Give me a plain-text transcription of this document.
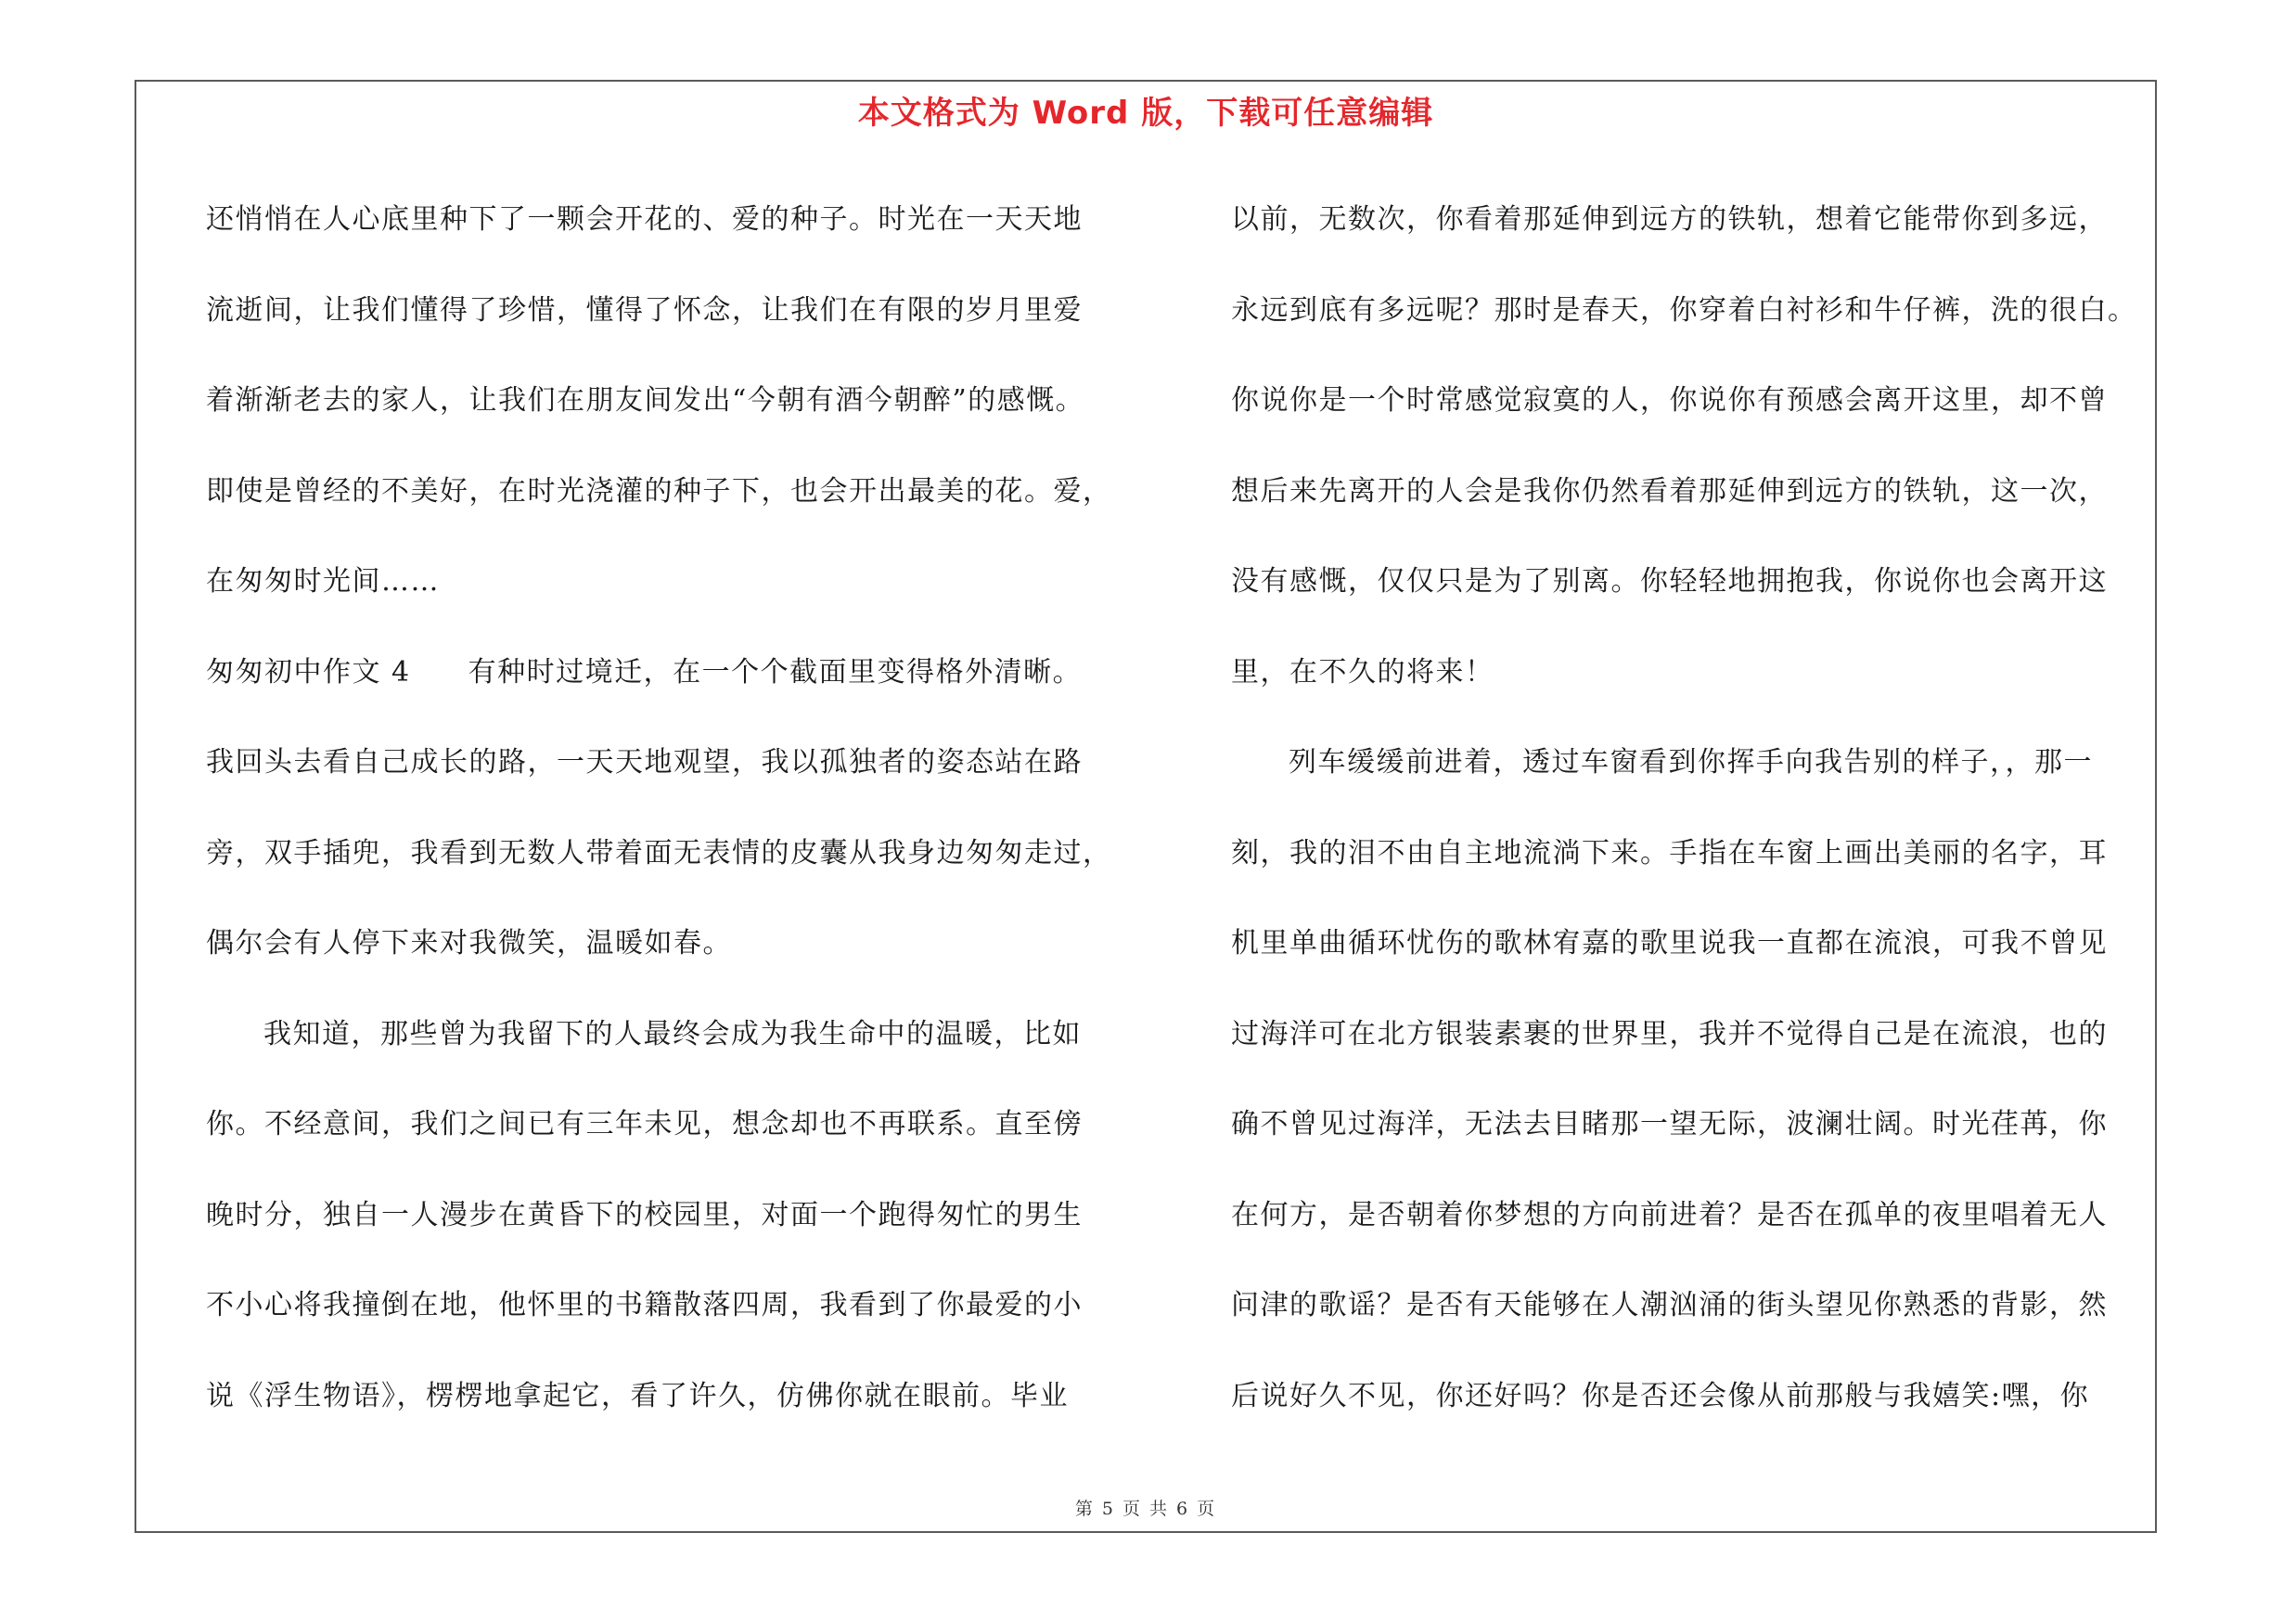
本文格式为 Word 版，下载可任意编辑
还悄悄在人心底里种下了一颗会开花的、爱的种子。时光在一天天地
流逝间，让我们懂得了珍惜，懂得了怀念，让我们在有限的岁月里爱
着渐渐老去的家人，让我们在朋友间发出“今朝有酒今朝醉”的感慨。
即使是曾经的不美好，在时光浇灌的种子下，也会开出最美的花。爱，
在匆匆时光间……
匆匆初中作文 4 有种时过境迁，在一个个截面里变得格外清晰。
我回头去看自己成长的路，一天天地观望，我以孤独者的姿态站在路
旁，双手插兜，我看到无数人带着面无表情的皮囊从我身边匆匆走过，
偶尔会有人停下来对我微笑，温暖如春。
我知道，那些曾为我留下的人最终会成为我生命中的温暖，比如
你。不经意间，我们之间已有三年未见，想念却也不再联系。直至傍
晚时分，独自一人漫步在黄昏下的校园里，对面一个跑得匆忙的男生
不小心将我撞倒在地，他怀里的书籍散落四周，我看到了你最爱的小
说《浮生物语》，楞楞地拿起它，看了许久，仿佛你就在眼前。毕业
以前，无数次，你看着那延伸到远方的铁轨，想着它能带你到多远，
永远到底有多远呢？那时是春天，你穿着白衬衫和牛仔裤，洗的很白。
你说你是一个时常感觉寂寞的人，你说你有预感会离开这里，却不曾
想后来先离开的人会是我你仍然看着那延伸到远方的铁轨，这一次，
没有感慨，仅仅只是为了别离。你轻轻地拥抱我，你说你也会离开这
里，在不久的将来！
列车缓缓前进着，透过车窗看到你挥手向我告别的样子，，那一
刻，我的泪不由自主地流淌下来。手指在车窗上画出美丽的名字，耳
机里单曲循环忧伤的歌林宥嘉的歌里说我一直都在流浪，可我不曾见
过海洋可在北方银装素裹的世界里，我并不觉得自己是在流浪，也的
确不曾见过海洋，无法去目睹那一望无际，波澜壮阔。时光荏苒，你
在何方，是否朝着你梦想的方向前进着？是否在孤单的夜里唱着无人
问津的歌谣？是否有天能够在人潮汹涌的街头望见你熟悉的背影，然
后说好久不见，你还好吗？你是否还会像从前那般与我嬉笑:嘿，你
第 5 页 共 6 页
